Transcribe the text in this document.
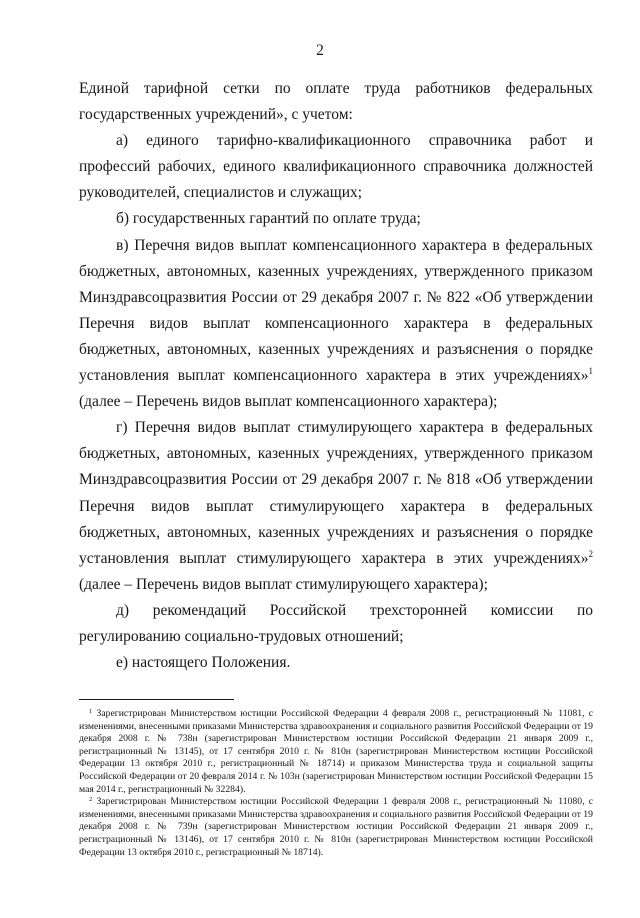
2

Единой тарифной сетки по оплате труда работников федеральных государственных учреждений», с учетом:

а) единого тарифно-квалификационного справочника работ и профессий рабочих, единого квалификационного справочника должностей руководителей, специалистов и служащих;

б) государственных гарантий по оплате труда;

в) Перечня видов выплат компенсационного характера в федеральных бюджетных, автономных, казенных учреждениях, утвержденного приказом Минздравсоцразвития России от 29 декабря 2007 г. № 822 «Об утверждении Перечня видов выплат компенсационного характера в федеральных бюджетных, автономных, казенных учреждениях и разъяснения о порядке установления выплат компенсационного характера в этих учреждениях»$^1$ (далее – Перечень видов выплат компенсационного характера);

г) Перечня видов выплат стимулирующего характера в федеральных бюджетных, автономных, казенных учреждениях, утвержденного приказом Минздравсоцразвития России от 29 декабря 2007 г. № 818 «Об утверждении Перечня видов выплат стимулирующего характера в федеральных бюджетных, автономных, казенных учреждениях и разъяснения о порядке установления выплат стимулирующего характера в этих учреждениях»$^2$ (далее – Перечень видов выплат стимулирующего характера);

д) рекомендаций Российской трехсторонней комиссии по регулированию социально-трудовых отношений;

е) настоящего Положения.

$^1$ Зарегистрирован Министерством юстиции Российской Федерации 4 февраля 2008 г., регистрационный № 11081, с изменениями, внесенными приказами Министерства здравоохранения и социального развития Российской Федерации от 19 декабря 2008 г. № 738н (зарегистрирован Министерством юстиции Российской Федерации 21 января 2009 г., регистрационный № 13145), от 17 сентября 2010 г. № 810н (зарегистрирован Министерством юстиции Российской Федерации 13 октября 2010 г., регистрационный № 18714) и приказом Министерства труда и социальной защиты Российской Федерации от 20 февраля 2014 г. № 103н (зарегистрирован Министерством юстиции Российской Федерации 15 мая 2014 г., регистрационный № 32284).

$^2$ Зарегистрирован Министерством юстиции Российской Федерации 1 февраля 2008 г., регистрационный № 11080, с изменениями, внесенными приказами Министерства здравоохранения и социального развития Российской Федерации от 19 декабря 2008 г. № 739н (зарегистрирован Министерством юстиции Российской Федерации 21 января 2009 г., регистрационный № 13146), от 17 сентября 2010 г. № 810н (зарегистрирован Министерством юстиции Российской Федерации 13 октября 2010 г., регистрационный № 18714).
